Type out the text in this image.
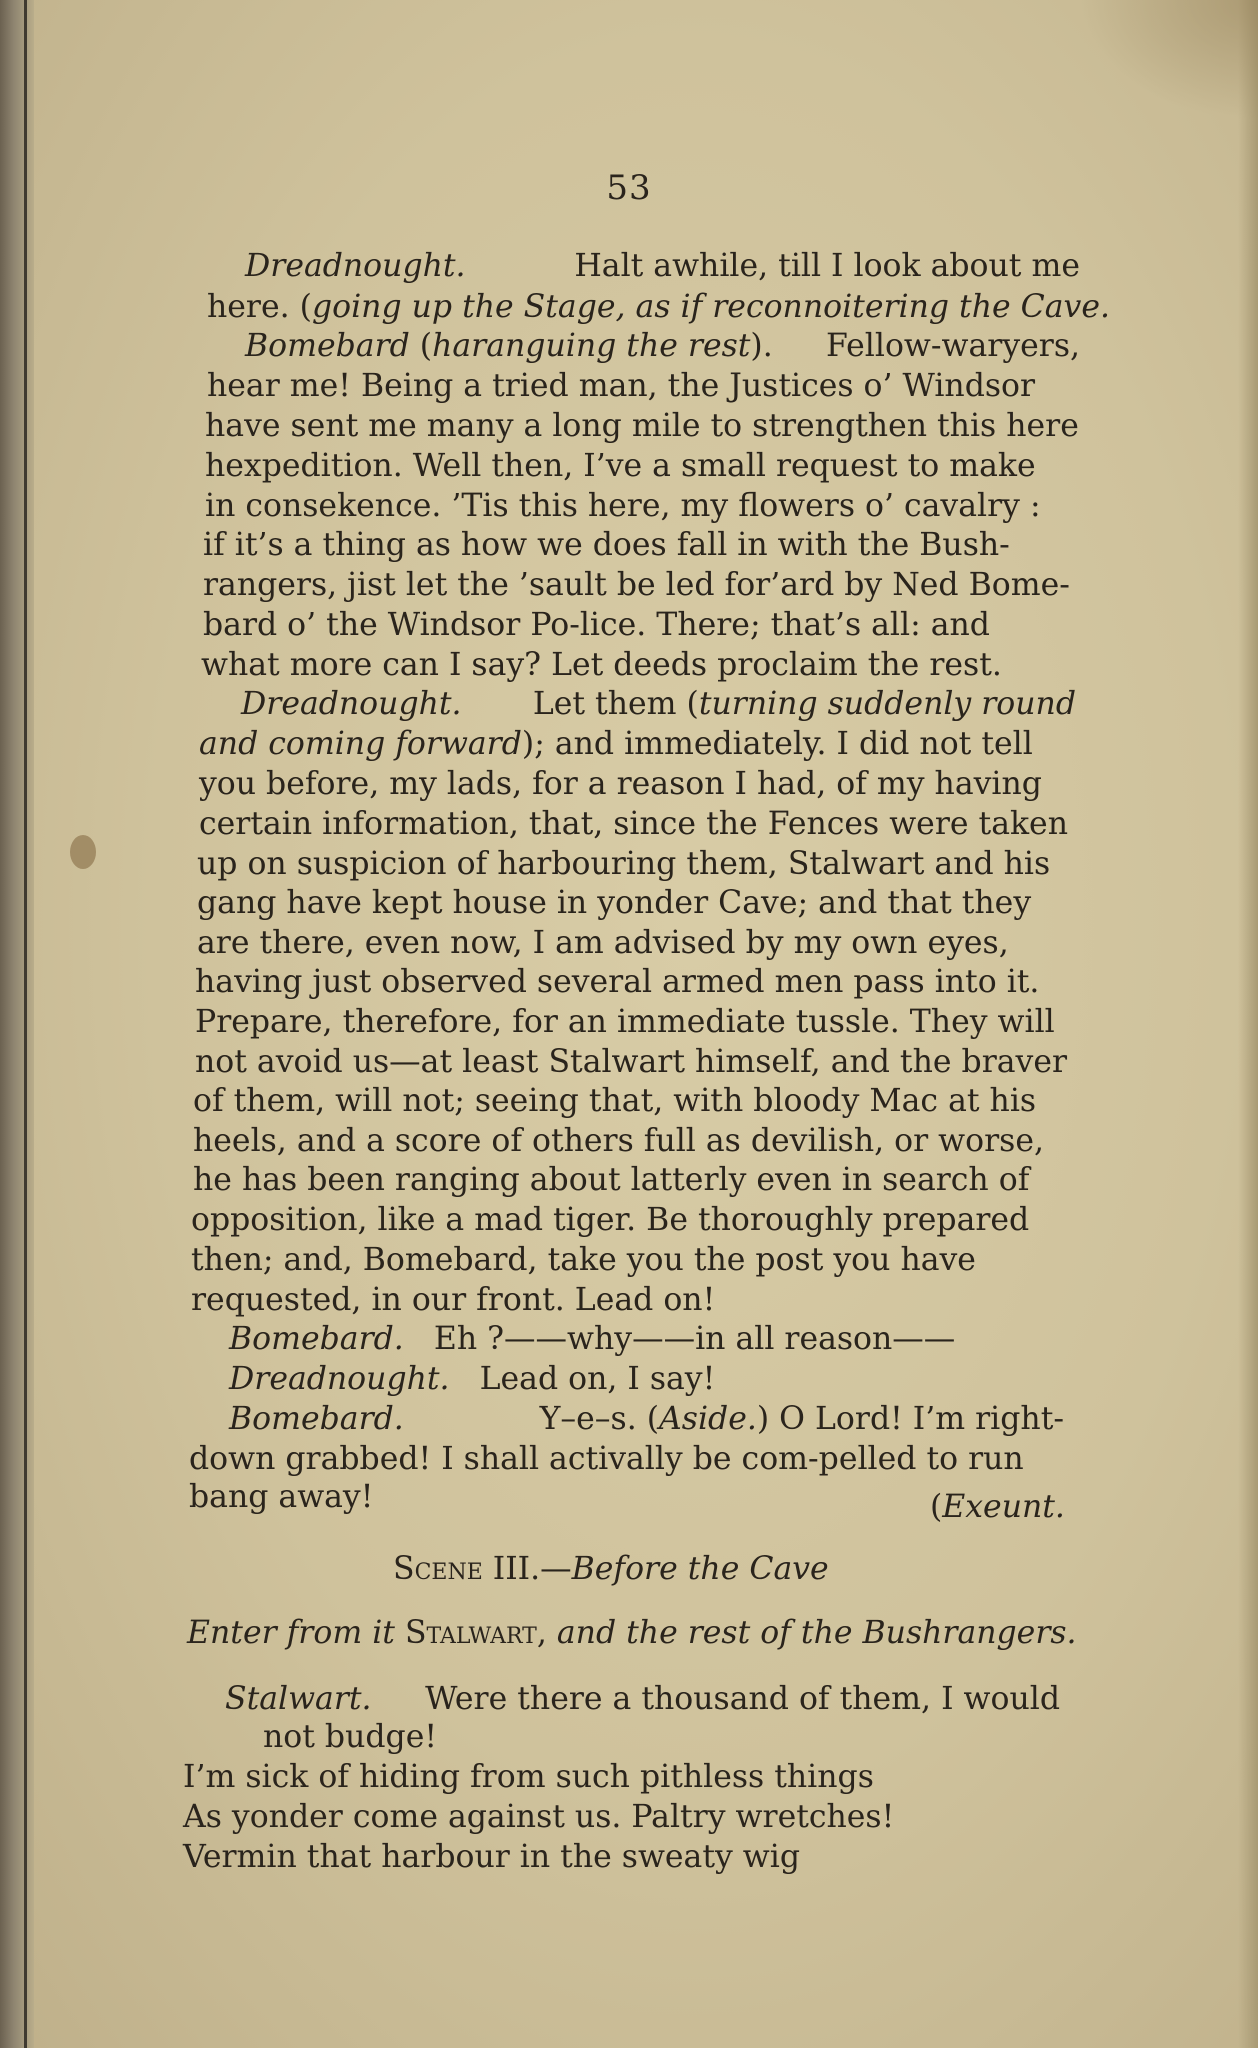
53
Dreadnought.	Halt awhile, till I look about me
here. (going up the Stage, as if reconnoitering the Cave.
Bomebard (haranguing the rest). Fellow-waryers,
hear me! Being a tried man, the Justices o’ Windsor
have sent me many a long mile to strengthen this here
hexpedition. Well then, I’ve a small request to make
in consekence. ’Tis this here, my flowers o’ cavalry :
if it’s a thing as how we does fall in with the Bush-
rangers, jist let the ’sault be led for’ard by Ned Bome-
bard o’ the Windsor Po-lice. There; that’s all: and
what more can I say? Let deeds proclaim the rest.
Dreadnought. Let them (turning suddenly round
and coming forward); and immediately. I did not tell
you before, my lads, for a reason I had, of my having
certain information, that, since the Fences were taken
up on suspicion of harbouring them, Stalwart and his
gang have kept house in yonder Cave; and that they
are there, even now, I am advised by my own eyes,
having just observed several armed men pass into it.
Prepare, therefore, for an immediate tussle. They will
not avoid us—at least Stalwart himself, and the braver
of them, will not; seeing that, with bloody Mac at his
heels, and a score of others full as devilish, or worse,
he has been ranging about latterly even in search of
opposition, like a mad tiger. Be thoroughly prepared
then; and, Bomebard, take you the post you have
requested, in our front. Lead on!
Bomebard. Eh ?——why——in all reason——
Dreadnought. Lead on, I say!
Bomebard.	Y–e–s. (Aside.) O Lord! I’m right-
down grabbed! I shall activally be com-pelled to run
bang away!	(Exeunt.
Scene III.—Before the Cave
Enter from it Stalwart, and the rest of the Bushrangers.
Stalwart. Were there a thousand of them, I would
not budge!
I’m sick of hiding from such pithless things
As yonder come against us. Paltry wretches!
Vermin that harbour in the sweaty wig
